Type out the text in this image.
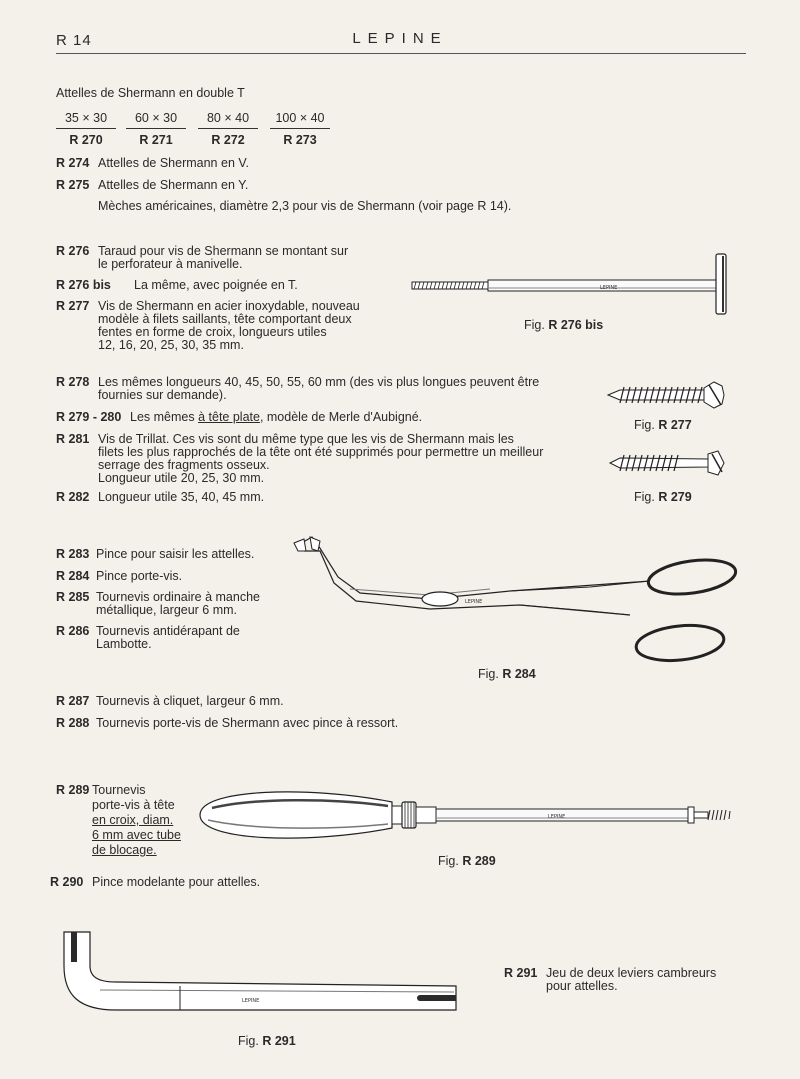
R 14	LEPINE
Attelles de Shermann en double T
35 × 30
R 270
60 × 30
R 271
80 × 40
R 272
100 × 40
R 273
R 274 Attelles de Shermann en V.
R 275 Attelles de Shermann en Y.
Mèches américaines, diamètre 2,3 pour vis de Shermann (voir page R 14).
R 276 Taraud pour vis de Shermann se montant sur
le perforateur à manivelle.
R 276 bis La même, avec poignée en T.
R 277 Vis de Shermann en acier inoxydable, nouveau
modèle à filets saillants, tête comportant deux
fentes en forme de croix, longueurs utiles
12, 16, 20, 25, 30, 35 mm.
LEPINE
Fig. R 276 bis
R 278 Les mêmes longueurs 40, 45, 50, 55, 60 mm (des vis plus longues peuvent être
fournies sur demande).
R 279 - 280 Les mêmes à tête plate, modèle de Merle d'Aubigné.
R 281 Vis de Trillat. Ces vis sont du même type que les vis de Shermann mais les
filets les plus rapprochés de la tête ont été supprimés pour permettre un meilleur
serrage des fragments osseux.
Longueur utile 20, 25, 30 mm.
R 282 Longueur utile 35, 40, 45 mm.
Fig. R 277
Fig. R 279
R 283 Pince pour saisir les attelles.
R 284 Pince porte-vis.
R 285 Tournevis ordinaire à manche
métallique, largeur 6 mm.
R 286 Tournevis antidérapant de
Lambotte.
LEPINE
Fig. R 284
R 287 Tournevis à cliquet, largeur 6 mm.
R 288 Tournevis porte-vis de Shermann avec pince à ressort.
R 289 Tournevis
porte-vis à tête
en croix, diam.
6 mm avec tube
de blocage.
LEPINE
Fig. R 289
R 290 Pince modelante pour attelles.
LEPINE
R 291 Jeu de deux leviers cambreurs
pour attelles.
Fig. R 291
